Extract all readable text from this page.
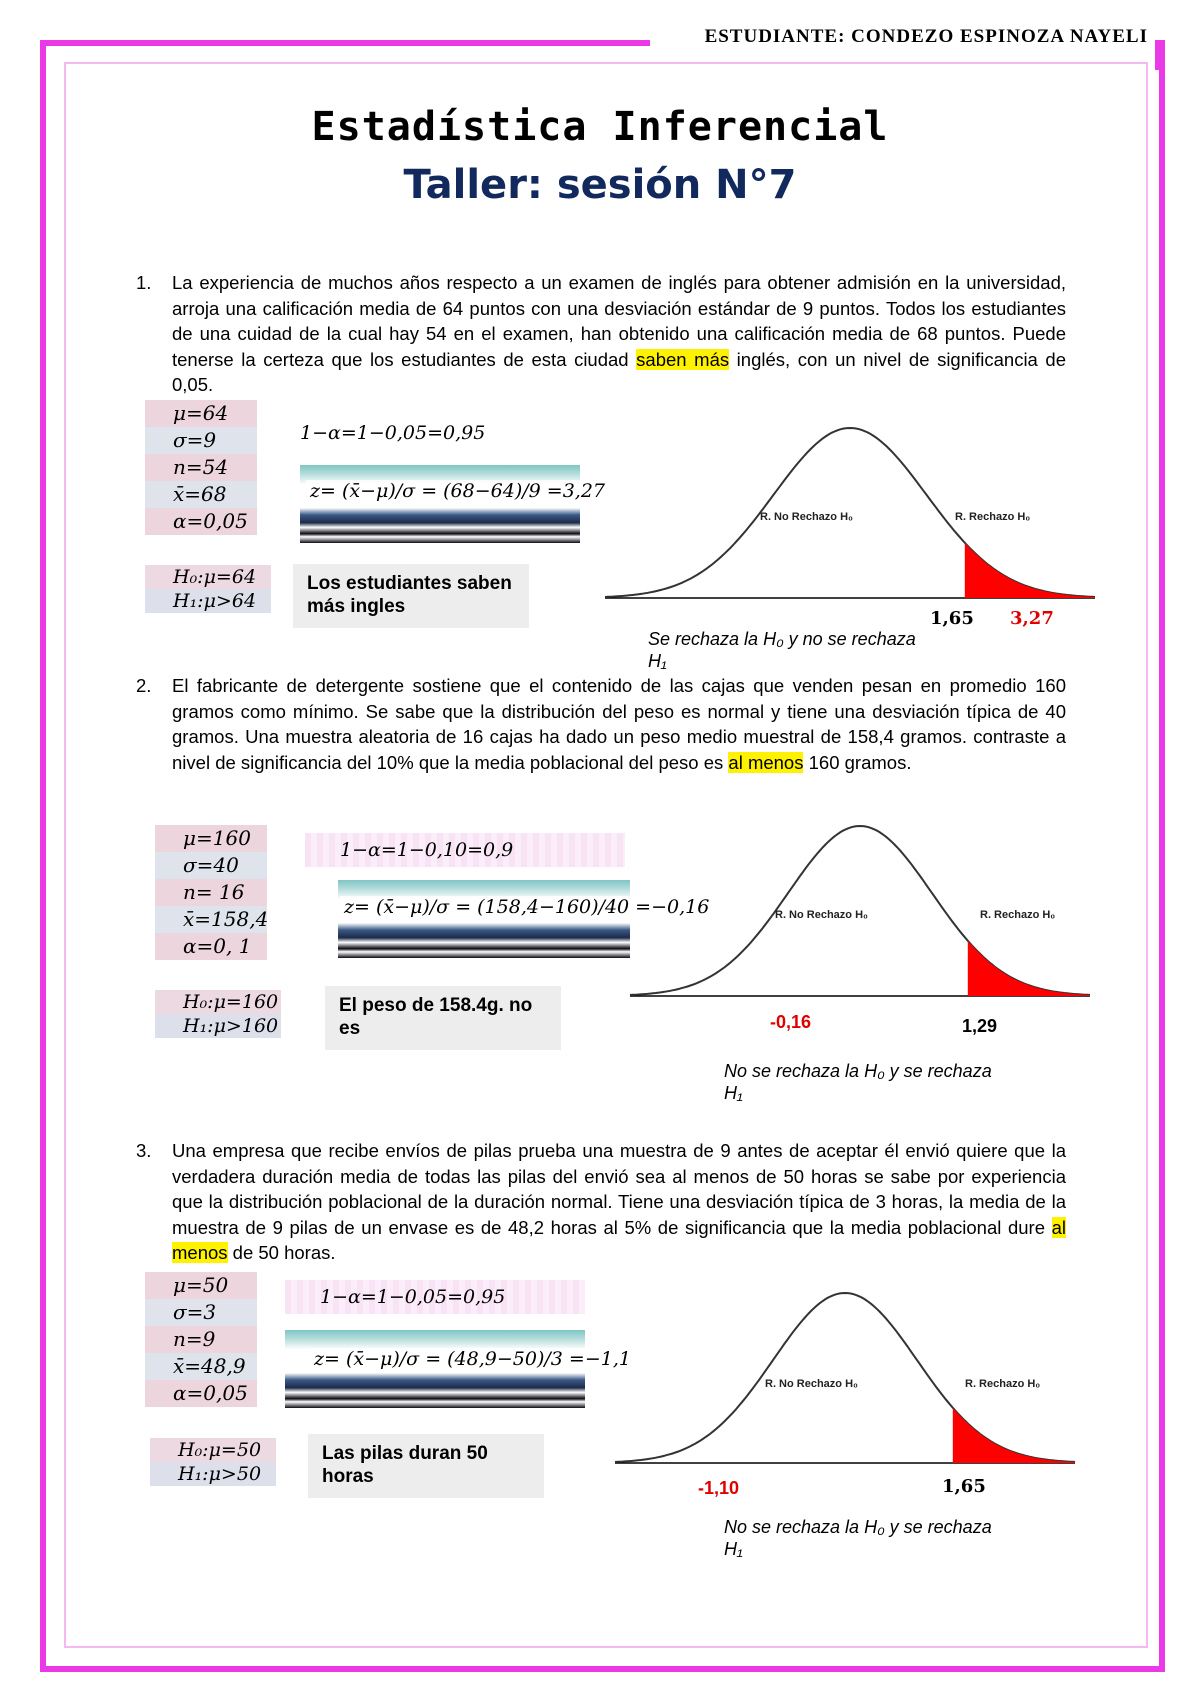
ESTUDIANTE: CONDEZO ESPINOZA NAYELI
Estadística Inferencial
Taller: sesión N°7
1. La experiencia de muchos años respecto a un examen de inglés para obtener admisión en la universidad, arroja una calificación media de 64 puntos con una desviación estándar de 9 puntos. Todos los estudiantes de una cuidad de la cual hay 54 en el examen, han obtenido una calificación media de 68 puntos. Puede tenerse la certeza que los estudiantes de esta ciudad saben más inglés, con un nivel de significancia de 0,05.
μ=64
σ=9
n=54
x̄=68
α=0,05
1−α=1−0,05=0,95
z= (x̄−μ)/σ = (68−64)/9 =3,27
H₀:μ=64
H₁:μ>64
Los estudiantes saben más ingles
R. No Rechazo H₀	R. Rechazo H₀
1,65 3,27
Se rechaza la H₀ y no se rechaza H₁
2. El fabricante de detergente sostiene que el contenido de las cajas que venden pesan en promedio 160 gramos como mínimo. Se sabe que la distribución del peso es normal y tiene una desviación típica de 40 gramos. Una muestra aleatoria de 16 cajas ha dado un peso medio muestral de 158,4 gramos. contraste a nivel de significancia del 10% que la media poblacional del peso es al menos 160 gramos.
μ=160
σ=40
n= 16
x̄=158,4
α=0, 1
1−α=1−0,10=0,9
z= (x̄−μ)/σ = (158,4−160)/40 =−0,16
H₀:μ=160
H₁:μ>160
El peso de 158.4g. no es
R. No Rechazo H₀	R. Rechazo H₀
-0,16	1,29
No se rechaza la H₀ y se rechaza H₁
3. Una empresa que recibe envíos de pilas prueba una muestra de 9 antes de aceptar él envió quiere que la verdadera duración media de todas las pilas del envió sea al menos de 50 horas se sabe por experiencia que la distribución poblacional de la duración normal. Tiene una desviación típica de 3 horas, la media de la muestra de 9 pilas de un envase es de 48,2 horas al 5% de significancia que la media poblacional dure al menos de 50 horas.
μ=50
σ=3
n=9
x̄=48,9
α=0,05
1−α=1−0,05=0,95
z= (x̄−μ)/σ = (48,9−50)/3 =−1,1
H₀:μ=50
H₁:μ>50
Las pilas duran 50 horas
R. No Rechazo H₀	R. Rechazo H₀
-1,10	1,65
No se rechaza la H₀ y se rechaza H₁
